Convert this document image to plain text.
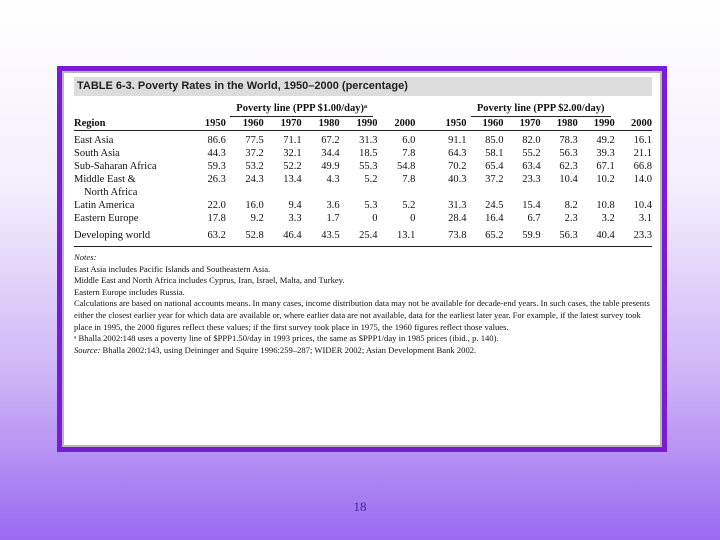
TABLE 6-3. Poverty Rates in the World, 1950–2000 (percentage)
	Poverty line (PPP $1.00/day)ᵃ							Poverty line (PPP $2.00/day)					
Region	1950	1960	1970	1980	1990	2000		1950	1960	1970	1980	1990	2000
East Asia	86.6	77.5	71.1	67.2	31.3	6.0		91.1	85.0	82.0	78.3	49.2	16.1
South Asia	44.3	37.2	32.1	34.4	18.5	7.8		64.3	58.1	55.2	56.3	39.3	21.1
Sub-Saharan Africa	59.3	53.2	52.2	49.9	55.3	54.8		70.2	65.4	63.4	62.3	67.1	66.8
Middle East &	26.3	24.3	13.4	4.3	5.2	7.8		40.3	37.2	23.3	10.4	10.2	14.0
North Africa													
Latin America	22.0	16.0	9.4	3.6	5.3	5.2		31.3	24.5	15.4	8.2	10.8	10.4
Eastern Europe	17.8	9.2	3.3	1.7	0	0		28.4	16.4	6.7	2.3	3.2	3.1
Developing world	63.2	52.8	46.4	43.5	25.4	13.1		73.8	65.2	59.9	56.3	40.4	23.3
Notes:
East Asia includes Pacific Islands and Southeastern Asia.
Middle East and North Africa includes Cyprus, Iran, Israel, Malta, and Turkey.
Eastern Europe includes Russia.
Calculations are based on national accounts means. In many cases, income distribution data may not be available for decade-end years. In such cases, the table presents either the closest earlier year for which data are available or, where earlier data are not available, data for the earliest later year. For example, if the latest survey took place in 1995, the 2000 figures reflect these values; if the first survey took place in 1975, the 1960 figures reflect those values.
ᵃ Bhalla 2002:148 uses a poverty line of $PPP1.50/day in 1993 prices, the same as $PPP1/day in 1985 prices (ibid., p. 140).
Source: Bhalla 2002:143, using Deininger and Squire 1996:259–287; WIDER 2002; Asian Development Bank 2002.
18
